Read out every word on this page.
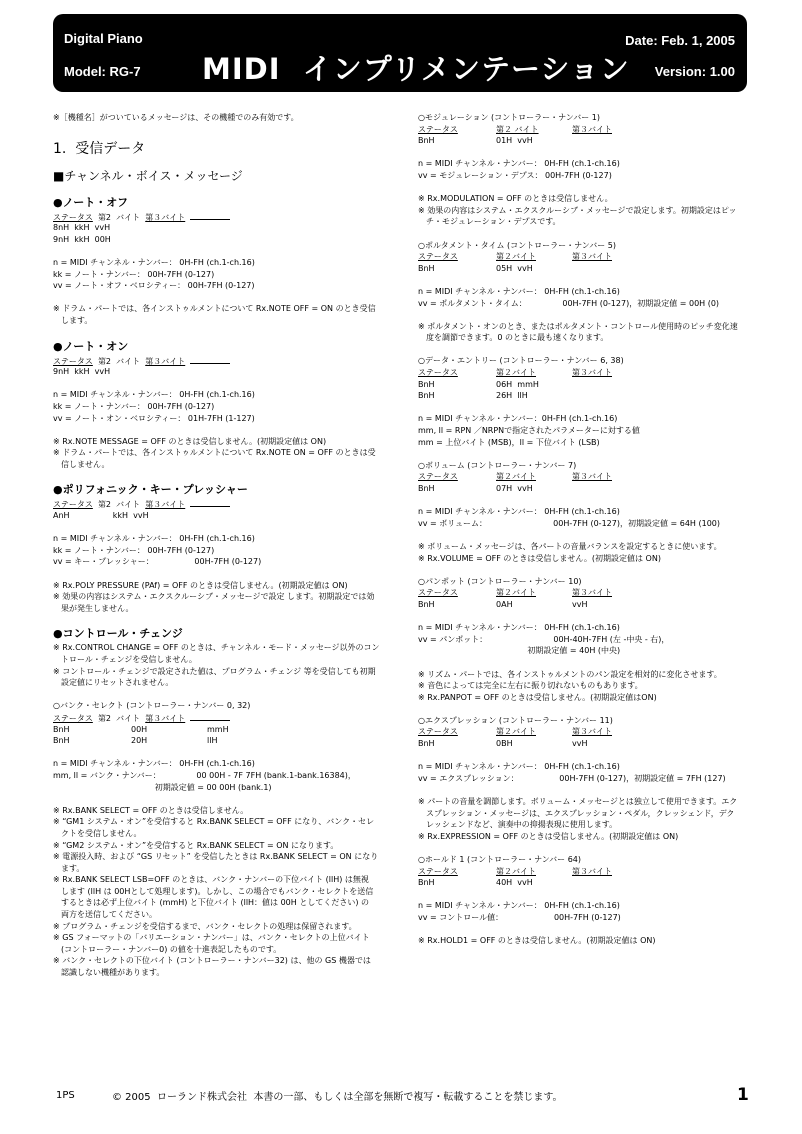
Digital Piano
Model: RG-7 MIDI  インプリメンテーション
Date: Feb. 1, 2005
Version: 1.00
※［機種名］がついているメッセージは、その機種でのみ有効です。
1.  受信データ
■チャンネル・ボイス・メッセージ
●ノート・オフ
ステータス 第2  バイト 第３バイト
8nH  kkH  vvH
9nH  kkH  00H
n = MIDI チャンネル・ナンバー： 0H-FH (ch.1-ch.16)
kk = ノート・ナンバー： 00H-7FH (0-127)
vv = ノート・オフ・ベロシティー： 00H-7FH (0-127)
※ ドラム・パートでは、各インストゥルメントについて Rx.NOTE OFF = ON のとき受信
します。
●ノート・オン
ステータス 第2  バイト 第３バイト
9nH  kkH  vvH
n = MIDI チャンネル・ナンバー： 0H-FH (ch.1-ch.16)
kk = ノート・ナンバー： 00H-7FH (0-127)
vv = ノート・オン・ベロシティー： 01H-7FH (1-127)
※ Rx.NOTE MESSAGE = OFF のときは受信しません。(初期設定値は ON)
※ ドラム・パートでは、各インストゥルメントについて Rx.NOTE ON = OFF のときは受
信しません。
●ポリフォニック・キー・プレッシャー
ステータス 第2  バイト 第３バイト
AnH                 kkH  vvH
n = MIDI チャンネル・ナンバー： 0H-FH (ch.1-ch.16)
kk = ノート・ナンバー： 00H-7FH (0-127)
vv = キー・プレッシャー：                00H-7FH (0-127)
※ Rx.POLY PRESSURE (PAf) = OFF のときは受信しません。(初期設定値は ON)
※ 効果の内容はシステム・エクスクルーシブ・メッセージで設定 します。初期設定では効
果が発生しません。
●コントロール・チェンジ
※ Rx.CONTROL CHANGE = OFF のときは、チャンネル・モード・メッセージ以外のコン
トロール・チェンジを受信しません。
※ コントロール・チェンジで設定された値は、プログラム・チェンジ 等を受信しても初期
設定値にリセットされません。
○バンク・セレクト (コントローラー・ナンバー 0, 32)
ステータス 第2  バイト 第３バイト
BnH	00H	mmH
BnH	20H	llH
n = MIDI チャンネル・ナンバー： 0H-FH (ch.1-ch.16)
mm, ll = バンク・ナンバー：              00 00H - 7F 7FH (bank.1-bank.16384)，
初期設定値 = 00 00H (bank.1)
※ Rx.BANK SELECT = OFF のときは受信しません。
※ “GM1 システム・オン”を受信すると Rx.BANK SELECT = OFF になり、バンク・セレ
クトを受信しません。
※ “GM2 システム・オン”を受信すると Rx.BANK SELECT = ON になります。
※ 電源投入時、および “GS リセット” を受信したときは Rx.BANK SELECT = ON になり
ます。
※ Rx.BANK SELECT LSB=OFF のときは、バンク・ナンバーの下位バイト (llH) は無視
します (llH は 00Hとして処理します)。しかし、この場合でもバンク・セレクトを送信
するときは必ず上位バイト (mmH) と下位バイト (llH：値は 00H としてください) の
両方を送信してください。
※ プログラム・チェンジを受信するまで、バンク・セレクトの処理は保留されます。
※ GS フォーマットの「バリエーション・ナンバー」は、バンク・セレクトの上位バイト
(コントローラー・ナンバー0) の値を十進表記したものです。
※ バンク・セレクトの下位バイト (コントローラー・ナンバー32) は、他の GS 機器では
認識しない機種があります。
○モジュレーション (コントローラー・ナンバー 1)
ステータス	第２ バイト	第３バイト
BnH	01H  vvH
n = MIDI チャンネル・ナンバー： 0H-FH (ch.1-ch.16)
vv = モジュレーション・デプス： 00H-7FH (0-127)
※ Rx.MODULATION = OFF のときは受信しません。
※ 効果の内容はシステム・エクスクルーシブ・メッセージで設定します。初期設定はピッ
チ・モジュレーション・デプスです。
○ポルタメント・タイム (コントローラー・ナンバー 5)
ステータス	第２バイト	第３バイト
BnH	05H  vvH
n = MIDI チャンネル・ナンバー： 0H-FH (ch.1-ch.16)
vv = ポルタメント・タイム：              00H-7FH (0-127)，初期設定値 = 00H (0)
※ ポルタメント・オンのとき、またはポルタメント・コントロール使用時のピッチ変化速
度を調節できます。0 のときに最も速くなります。
○データ・エントリー (コントローラー・ナンバー 6, 38)
ステータス	第２バイト	第３バイト
BnH	06H  mmH
BnH	26H  llH
n = MIDI チャンネル・ナンバー：0H-FH (ch.1-ch.16)
mm, ll = RPN ／NRPNで指定されたパラメーターに対する値
mm = 上位バイト (MSB)，ll = 下位バイト (LSB)
○ボリューム (コントローラー・ナンバー 7)
ステータス	第２バイト	第３バイト
BnH	07H  vvH
n = MIDI チャンネル・ナンバー： 0H-FH (ch.1-ch.16)
vv = ボリューム：                          00H-7FH (0-127)，初期設定値 = 64H (100)
※ ボリューム・メッセージは、各パートの音量バランスを設定するときに使います。
※ Rx.VOLUME = OFF のときは受信しません。(初期設定値は ON)
○パンポット (コントローラー・ナンバー 10)
ステータス	第２バイト	第３バイト
BnH	0AH	vvH
n = MIDI チャンネル・ナンバー： 0H-FH (ch.1-ch.16)
vv = パンポット：                          00H-40H-7FH (左 -中央 - 右)，
初期設定値 = 40H (中央)
※ リズム・パートでは、各インストゥルメントのパン設定を相対的に変化させます。
※ 音色によっては完全に左右に振り切れないものもあります。
※ Rx.PANPOT = OFF のときは受信しません。(初期設定値はON)
○エクスプレッション (コントローラー・ナンバー 11)
ステータス	第２バイト	第３バイト
BnH	0BH	vvH
n = MIDI チャンネル・ナンバー： 0H-FH (ch.1-ch.16)
vv = エクスプレッション：                00H-7FH (0-127)，初期設定値 = 7FH (127)
※ パートの音量を調節します。ボリューム・メッセージとは独立して使用できます。エク
スプレッション・メッセージは、エクスプレッション・ペダル，クレッシェンド，デク
レッシェンドなど、演奏中の抑揚表現に使用します。
※ Rx.EXPRESSION = OFF のときは受信しません。(初期設定値は ON)
○ホールド 1 (コントローラー・ナンバー 64)
ステータス	第２バイト	第３バイト
BnH	40H  vvH
n = MIDI チャンネル・ナンバー： 0H-FH (ch.1-ch.16)
vv = コントロール値：                    00H-7FH (0-127)
※ Rx.HOLD1 = OFF のときは受信しません。(初期設定値は ON)
1PS	© 2005  ローランド株式会社  本書の一部、もしくは全部を無断で複写・転載することを禁じます。	1
